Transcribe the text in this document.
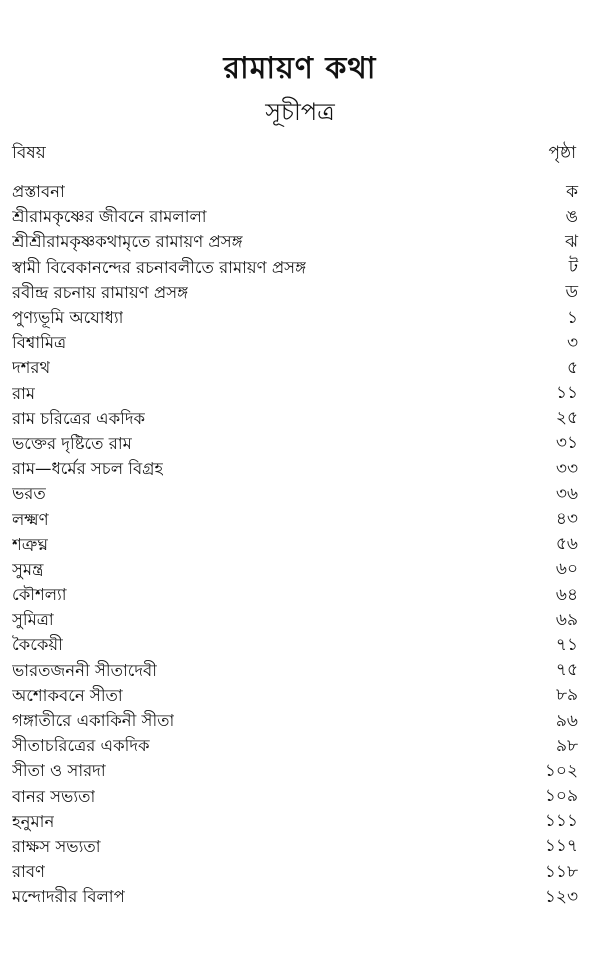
রামায়ণ কথা
সূচীপত্র
বিষয়	পৃষ্ঠা
প্রস্তাবনা	ক
শ্রীরামকৃষ্ণের জীবনে রামলালা	ঙ
শ্রীশ্রীরামকৃষ্ণকথামৃতে রামায়ণ প্রসঙ্গ	ঝ
স্বামী বিবেকানন্দের রচনাবলীতে রামায়ণ প্রসঙ্গ	ট
রবীন্দ্র রচনায় রামায়ণ প্রসঙ্গ	ড
পুণ্যভূমি অযোধ্যা	১
বিশ্বামিত্র	৩
দশরথ	৫
রাম	১১
রাম চরিত্রের একদিক	২৫
ভক্তের দৃষ্টিতে রাম	৩১
রাম—ধর্মের সচল বিগ্রহ	৩৩
ভরত	৩৬
লক্ষ্মণ	৪৩
শত্রুঘ্ন	৫৬
সুমন্ত্র	৬০
কৌশল্যা	৬৪
সুমিত্রা	৬৯
কৈকেয়ী	৭১
ভারতজননী সীতাদেবী	৭৫
অশোকবনে সীতা	৮৯
গঙ্গাতীরে একাকিনী সীতা	৯৬
সীতাচরিত্রের একদিক	৯৮
সীতা ও সারদা	১০২
বানর সভ্যতা	১০৯
হনুমান	১১১
রাক্ষস সভ্যতা	১১৭
রাবণ	১১৮
মন্দোদরীর বিলাপ	১২৩
